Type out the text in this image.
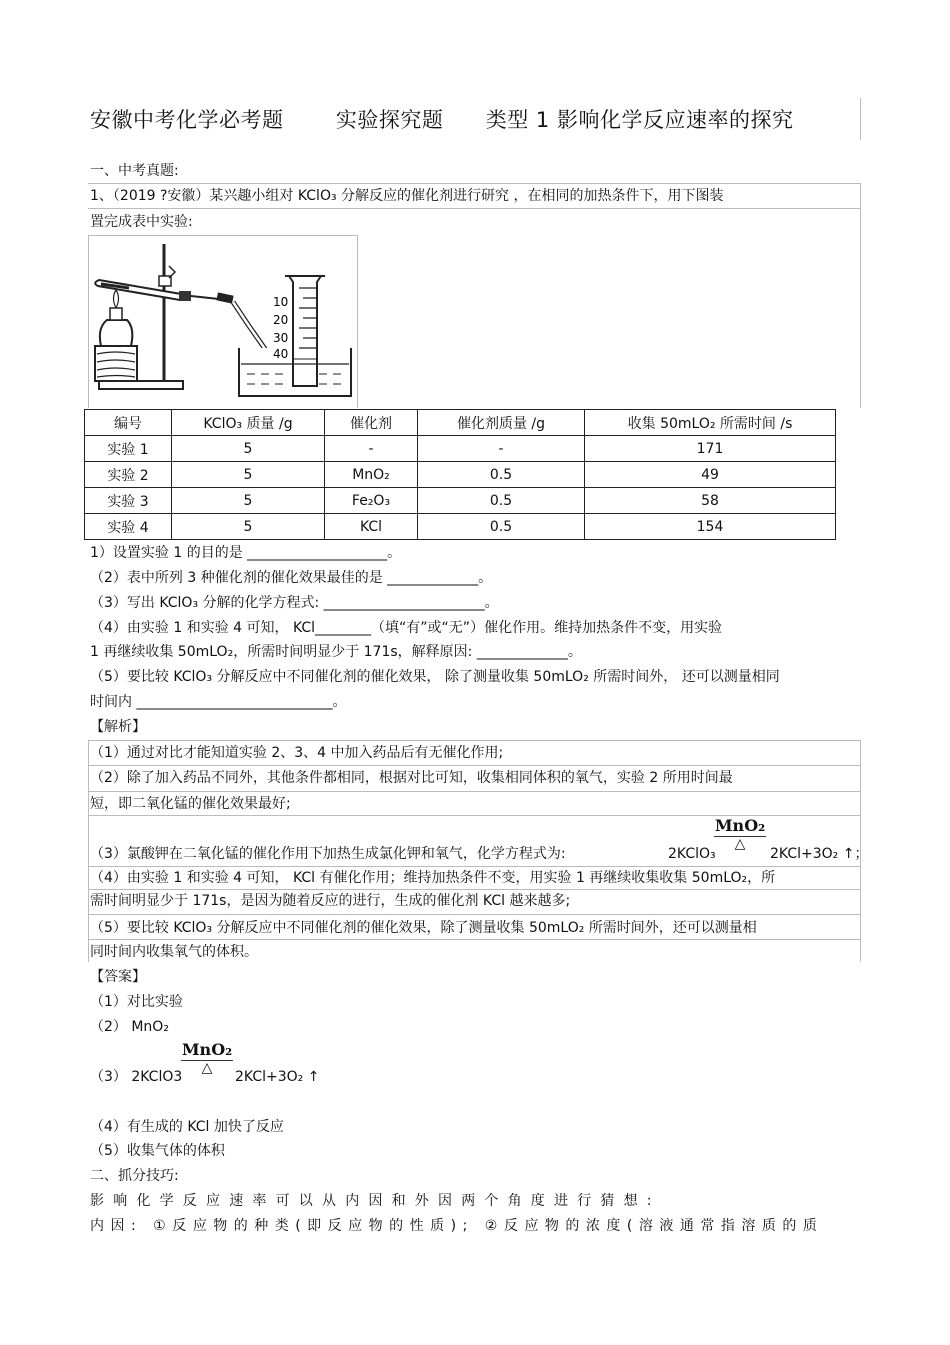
安徽中考化学必考题 实验探究题 类型 1 影响化学反应速率的探究
一、中考真题:
1、（2019 ?安徽）某兴趣小组对 KClO₃ 分解反应的催化剂进行研究 ，在相同的加热条件下，用下图装
置完成表中实验:
10
20
30
40
编号	KClO₃ 质量 /g	催化剂	催化剂质量 /g	收集 50mLO₂ 所需时间 /s
实验 1	5	-	-	171
实验 2	5	MnO₂	0.5	49
实验 3	5	Fe₂O₃	0.5	58
实验 4	5	KCl	0.5	154
1）设置实验 1 的目的是 ____________________。
（2）表中所列 3 种催化剂的催化效果最佳的是 _____________。
（3）写出 KClO₃ 分解的化学方程式: _______________________。
（4）由实验 1 和实验 4 可知， KCl________（填“有”或“无”）催化作用。维持加热条件不变，用实验
1 再继续收集 50mLO₂，所需时间明显少于 171s，解释原因: _____________。
（5）要比较 KClO₃ 分解反应中不同催化剂的催化效果， 除了测量收集 50mLO₂ 所需时间外， 还可以测量相同
时间内 ____________________________。
【解析】
（1）通过对比才能知道实验 2、3、4 中加入药品后有无催化作用;
（2）除了加入药品不同外，其他条件都相同，根据对比可知，收集相同体积的氧气，实验 2 所用时间最
短，即二氧化锰的催化效果最好;
（3）氯酸钾在二氧化锰的催化作用下加热生成氯化钾和氧气，化学方程式为:	2KClO₃
MnO₂
△
2KCl+3O₂ ↑；
（4）由实验 1 和实验 4 可知， KCl 有催化作用；维持加热条件不变，用实验 1 再继续收集收集 50mLO₂，所
需时间明显少于 171s，是因为随着反应的进行，生成的催化剂 KCl 越来越多;
（5）要比较 KClO₃ 分解反应中不同催化剂的催化效果，除了测量收集 50mLO₂ 所需时间外，还可以测量相
同时间内收集氧气的体积。
【答案】
（1）对比实验
（2） MnO₂
（3） 2KClO3
MnO₂
△
2KCl+3O₂ ↑
（4）有生成的 KCl 加快了反应
（5）收集气体的体积
二、抓分技巧:
影响化学反应速率可以从内因和外因两个角度进行猜想:
内因: ①反应物的种类(即反应物的性质); ②反应物的浓度(溶液通常指溶质的质
